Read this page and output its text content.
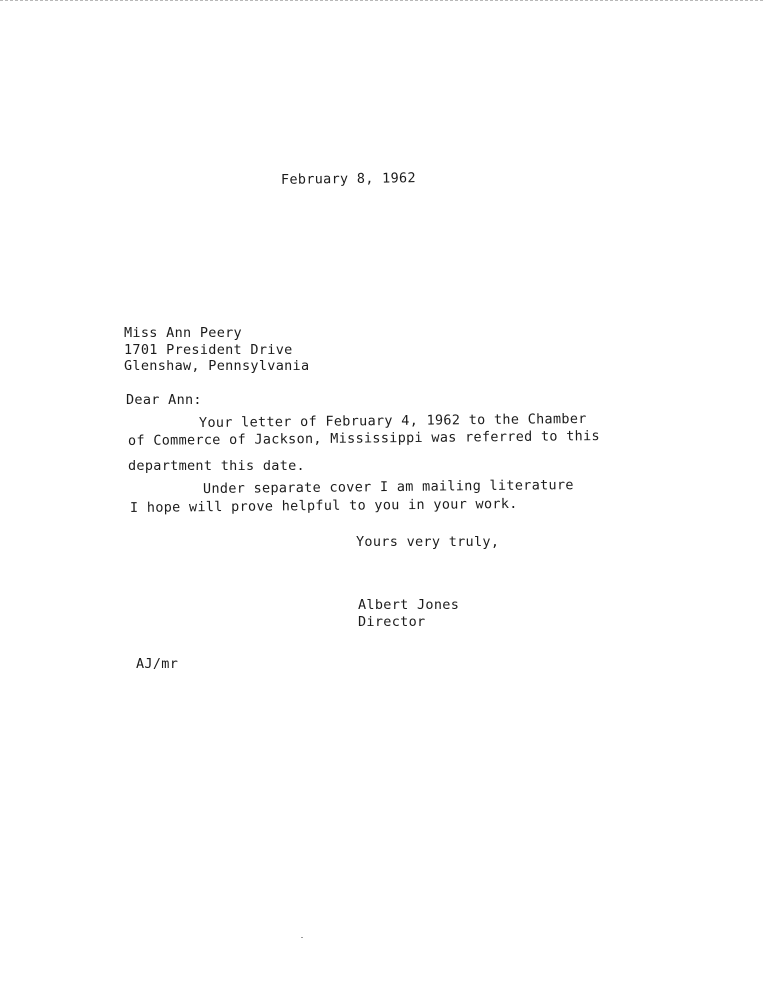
February 8, 1962
Miss Ann Peery
1701 President Drive
Glenshaw, Pennsylvania
Dear Ann:
Your letter of February 4, 1962 to the Chamber
of Commerce of Jackson, Mississippi was referred to this
department this date.
Under separate cover I am mailing literature
I hope will prove helpful to you in your work.
Yours very truly,
Albert Jones
Director
AJ/mr
